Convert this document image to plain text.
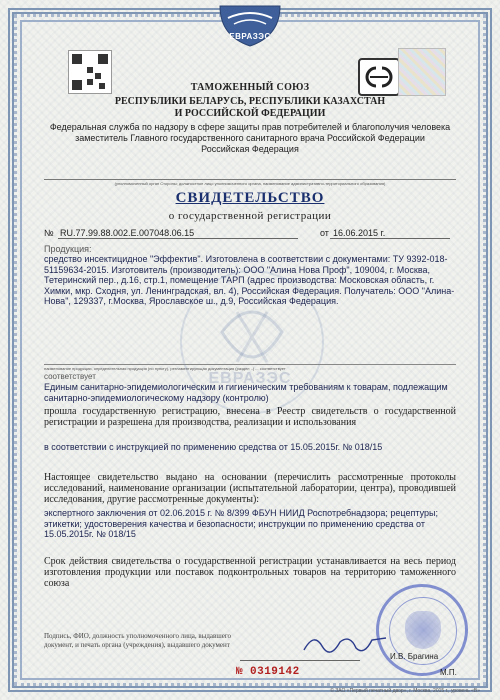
ЕВРАЗЭС
ТАМОЖЕННЫЙ СОЮЗ
РЕСПУБЛИКИ БЕЛАРУСЬ, РЕСПУБЛИКИ КАЗАХСТАН
И РОССИЙСКОЙ ФЕДЕРАЦИИ
Федеральная служба по надзору в сфере защиты прав потребителей и благополучия человека
заместитель Главного государственного санитарного врача Российской Федерации
Российская Федерация
(уполномоченный орган Стороны; должностное лицо уполномоченного органа, наименование административно-территориального образования)
СВИДЕТЕЛЬСТВО
о государственной регистрации
№ RU.77.99.88.002.E.007048.06.15	от 16.06.2015 г.
Продукция:
средство инсектицидное "Эффектив". Изготовлена в соответствии с документами: ТУ 9392-018-51159634-2015. Изготовитель (производитель): ООО "Алина Нова Проф", 109004, г. Москва, Тетеринский пер., д.16, стр.1, помещение ТАРП (адрес производства: Московская область, г. Химки, мкр. Сходня, ул. Ленинградская, вл. 4), Российская Федерация. Получатель: ООО "Алина-Нова", 129337, г.Москва, Ярославское ш., д.9, Российская Федерация.
ЕВРАЗЭС
наименование продукции, определительная продукция (по пункту), регламентирующая документация (раздел ..) ... соответствует
соответствует
Единым санитарно-эпидемиологическим и гигиеническим требованиям к товарам, подлежащим санитарно-эпидемиологическому надзору (контролю)
прошла государственную регистрацию, внесена в Реестр свидетельств о государственной регистрации и разрешена для производства, реализации и использования
в соответствии с инструкцией по применению средства от 15.05.2015г. № 018/15
Настоящее свидетельство выдано на основании (перечислить рассмотренные протоколы исследований, наименование организации (испытательной лаборатории, центра), проводившей исследования, другие рассмотренные документы):
экспертного заключения от 02.06.2015 г. № 8/399 ФБУН НИИД Роспотребнадзора; рецептуры; этикетки; удостоверения качества и безопасности; инструкции по применению средства от 15.05.2015г. № 018/15
Срок действия свидетельства о государственной регистрации устанавливается на весь период изготовления продукции или поставок подконтрольных товаров на территорию таможенного союза
Подпись, ФИО, должность уполномоченного лица, выдавшего документ, и печать органа (учреждения), выдавшего документ
И.В. Брагина
М.П.
№ 0319142
© ЗАО «Первый печатный двор», г. Москва, 2015 г., уровень «В»
